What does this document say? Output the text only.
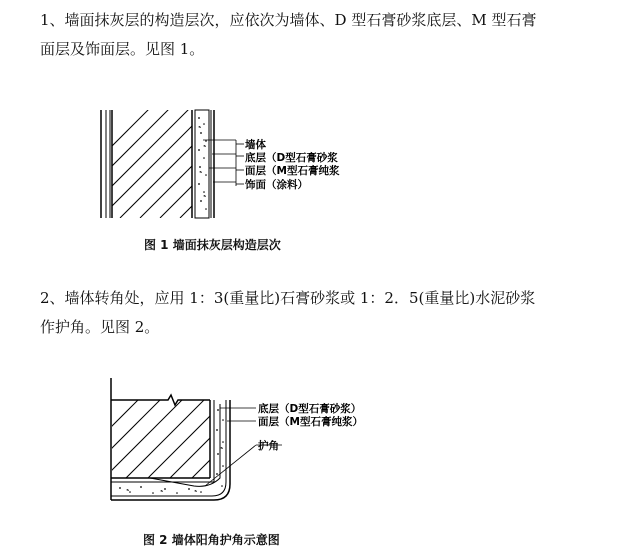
1、墙面抹灰层的构造层次，应依次为墙体、D 型石膏砂浆底层、M 型石膏
面层及饰面层。见图 1。
墙体
底层（D型石膏砂浆
面层（M型石膏纯浆
饰面（涂料）
底层（D型石膏砂浆）
面层（M型石膏纯浆）
护角
图 1 墙面抹灰层构造层次
2、墙体转角处，应用 1：3(重量比)石膏砂浆或 1：2．5(重量比)水泥砂浆
作护角。见图 2。
图 2 墙体阳角护角示意图
